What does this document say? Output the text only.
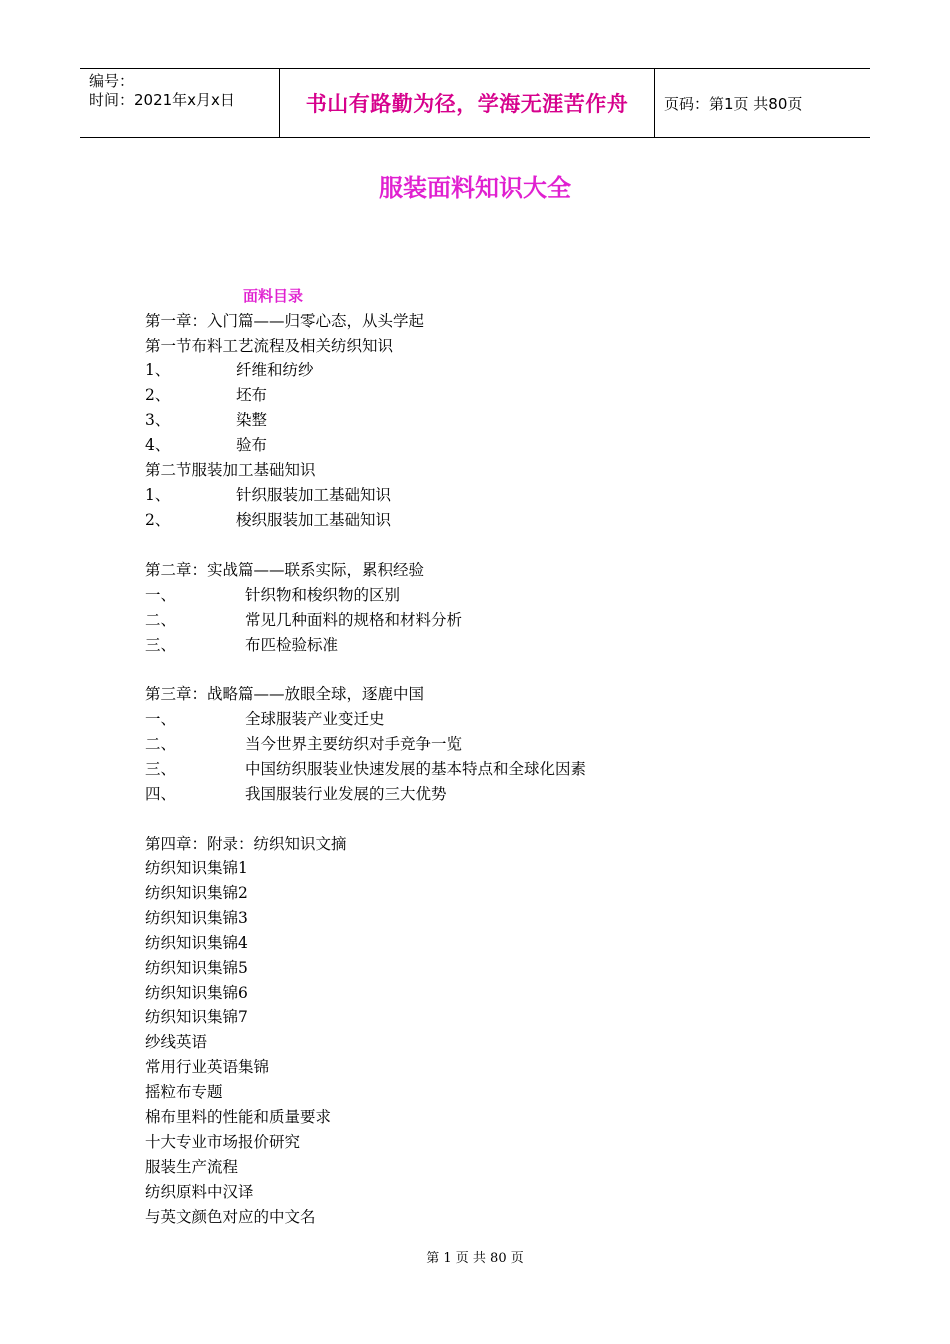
编号：
时间：2021年x月x日	书山有路勤为径，学海无涯苦作舟	页码：第1页 共80页
服装面料知识大全
面料目录
第一章：入门篇——归零心态，从头学起
第一节布料工艺流程及相关纺织知识
1、	纤维和纺纱
2、	坯布
3、	染整
4、	验布
第二节服装加工基础知识
1、	针织服装加工基础知识
2、	梭织服装加工基础知识
第二章：实战篇——联系实际，累积经验
一、	针织物和梭织物的区别
二、	常见几种面料的规格和材料分析
三、	布匹检验标准
第三章：战略篇——放眼全球，逐鹿中国
一、	全球服装产业变迁史
二、	当今世界主要纺织对手竞争一览
三、	中国纺织服装业快速发展的基本特点和全球化因素
四、	我国服装行业发展的三大优势
第四章：附录：纺织知识文摘
纺织知识集锦1
纺织知识集锦2
纺织知识集锦3
纺织知识集锦4
纺织知识集锦5
纺织知识集锦6
纺织知识集锦7
纱线英语
常用行业英语集锦
摇粒布专题
棉布里料的性能和质量要求
十大专业市场报价研究
服装生产流程
纺织原料中汉译
与英文颜色对应的中文名
第 1 页 共 80 页
